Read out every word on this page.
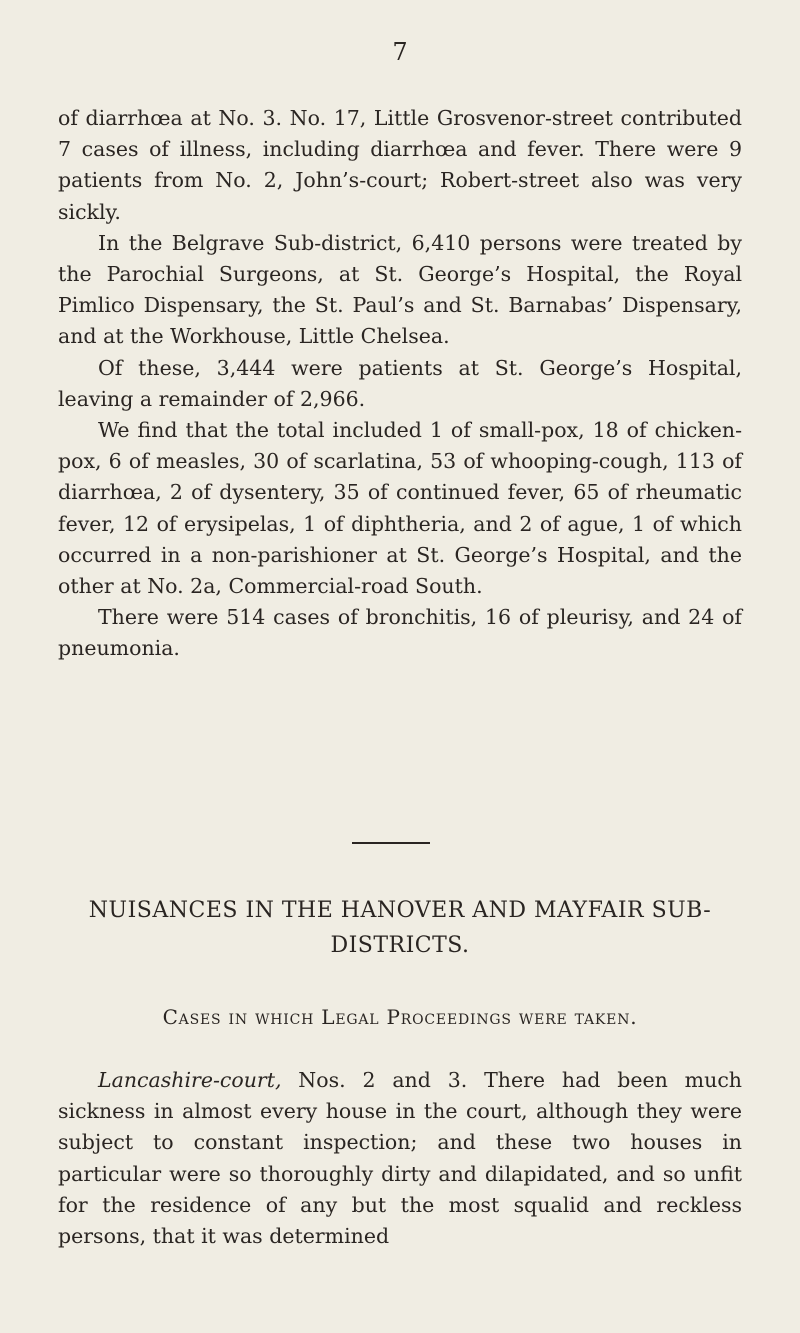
7

of diarrhœa at No. 3. No. 17, Little Grosvenor-street contributed 7 cases of illness, including diarrhœa and fever. There were 9 patients from No. 2, John’s-court; Robert-street also was very sickly.

In the Belgrave Sub-district, 6,410 persons were treated by the Parochial Surgeons, at St. George’s Hospital, the Royal Pimlico Dispensary, the St. Paul’s and St. Barnabas’ Dispensary, and at the Workhouse, Little Chelsea.

Of these, 3,444 were patients at St. George’s Hospital, leaving a remainder of 2,966.

We find that the total included 1 of small-pox, 18 of chicken-pox, 6 of measles, 30 of scarlatina, 53 of whooping-cough, 113 of diarrhœa, 2 of dysentery, 35 of continued fever, 65 of rheumatic fever, 12 of erysipelas, 1 of diphtheria, and 2 of ague, 1 of which occurred in a non-parishioner at St. George’s Hospital, and the other at No. 2a, Commercial-road South.

There were 514 cases of bronchitis, 16 of pleurisy, and 24 of pneumonia.

NUISANCES IN THE HANOVER AND MAYFAIR SUB-DISTRICTS.
Cases in which Legal Proceedings were taken.

Lancashire-court, Nos. 2 and 3. There had been much sickness in almost every house in the court, although they were subject to constant inspection; and these two houses in particular were so thoroughly dirty and dilapidated, and so unfit for the residence of any but the most squalid and reckless persons, that it was determined
